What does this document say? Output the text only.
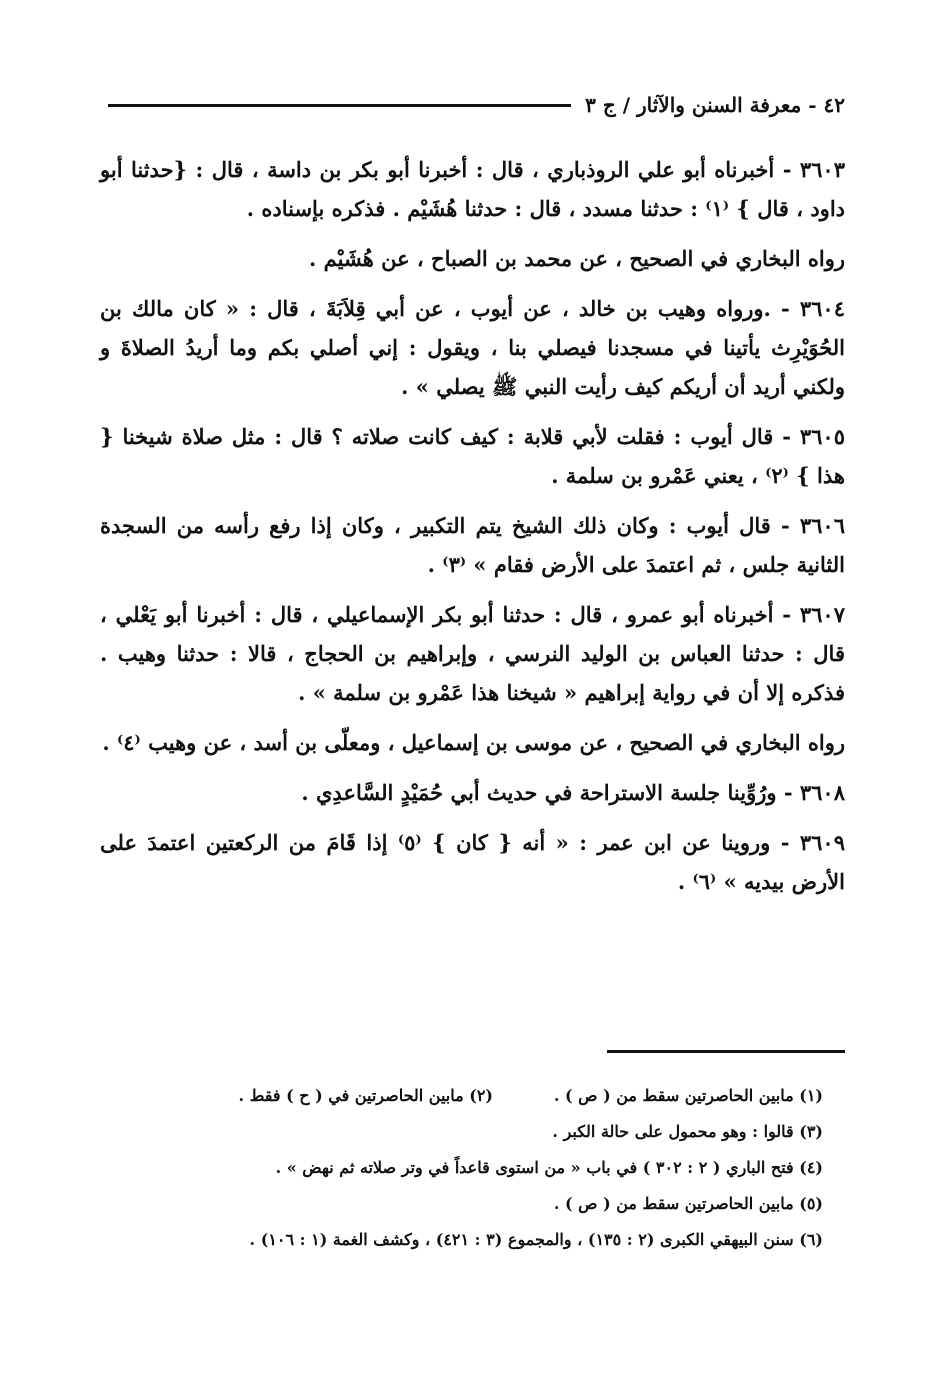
٤٢ - معرفة السنن والآثار / ج ٣

٣٦٠٣ - أخبرناه أبو علي الروذباري ، قال : أخبرنا أبو بكر بن داسة ، قال : {حدثنا أبو داود ، قال } ⁽١⁾ : حدثنا مسدد ، قال : حدثنا هُشَيْم . فذكره بإسناده .

رواه البخاري في الصحيح ، عن محمد بن الصباح ، عن هُشَيْم .

٣٦٠٤ - .ورواه وهيب بن خالد ، عن أيوب ، عن أبي قِلاَبَةَ ، قال : « كان مالك بن الحُوَيْرِث يأتينا في مسجدنا فيصلي بنا ، ويقول : إني أصلي بكم وما أريدُ الصلاةَ و ولكني أريد أن أريكم كيف رأيت النبي ﷺ يصلي » .

٣٦٠٥ - قال أيوب : فقلت لأبي قلابة : كيف كانت صلاته ؟ قال : مثل صلاة شيخنا { هذا } ⁽٢⁾ ، يعني عَمْرو بن سلمة .

٣٦٠٦ - قال أيوب : وكان ذلك الشيخ يتم التكبير ، وكان إذا رفع رأسه من السجدة الثانية جلس ، ثم اعتمدَ على الأرض فقام » ⁽٣⁾ .

٣٦٠٧ - أخبرناه أبو عمرو ، قال : حدثنا أبو بكر الإسماعيلي ، قال : أخبرنا أبو يَعْلي ، قال : حدثنا العباس بن الوليد النرسي ، وإبراهيم بن الحجاج ، قالا : حدثنا وهيب . فذكره إلا أن في رواية إبراهيم « شيخنا هذا عَمْرو بن سلمة » .

رواه البخاري في الصحيح ، عن موسى بن إسماعيل ، ومعلّى بن أسد ، عن وهيب ⁽٤⁾ .

٣٦٠٨ - ورُوِّينا جلسة الاستراحة في حديث أبي حُمَيْدٍ السَّاعدِي .

٣٦٠٩ - وروينا عن ابن عمر : « أنه { كان } ⁽٥⁾ إذا قَامَ من الركعتين اعتمدَ على الأرض بيديه » ⁽٦⁾ .

(١) مابين الحاصرتين سقط من ( ص ) .
(٢) مابين الحاصرتين في ( ح ) فقط .
(٣) قالوا : وهو محمول على حالة الكبر .
(٤) فتح الباري ( ٢ : ٣٠٢ ) في باب « من استوى قاعداً في وتر صلاته ثم نهض » .
(٥) مابين الحاصرتين سقط من ( ص ) .
(٦) سنن البيهقي الكبرى (٢ : ١٣٥) ، والمجموع (٣ : ٤٢١) ، وكشف الغمة (١ : ١٠٦) .
